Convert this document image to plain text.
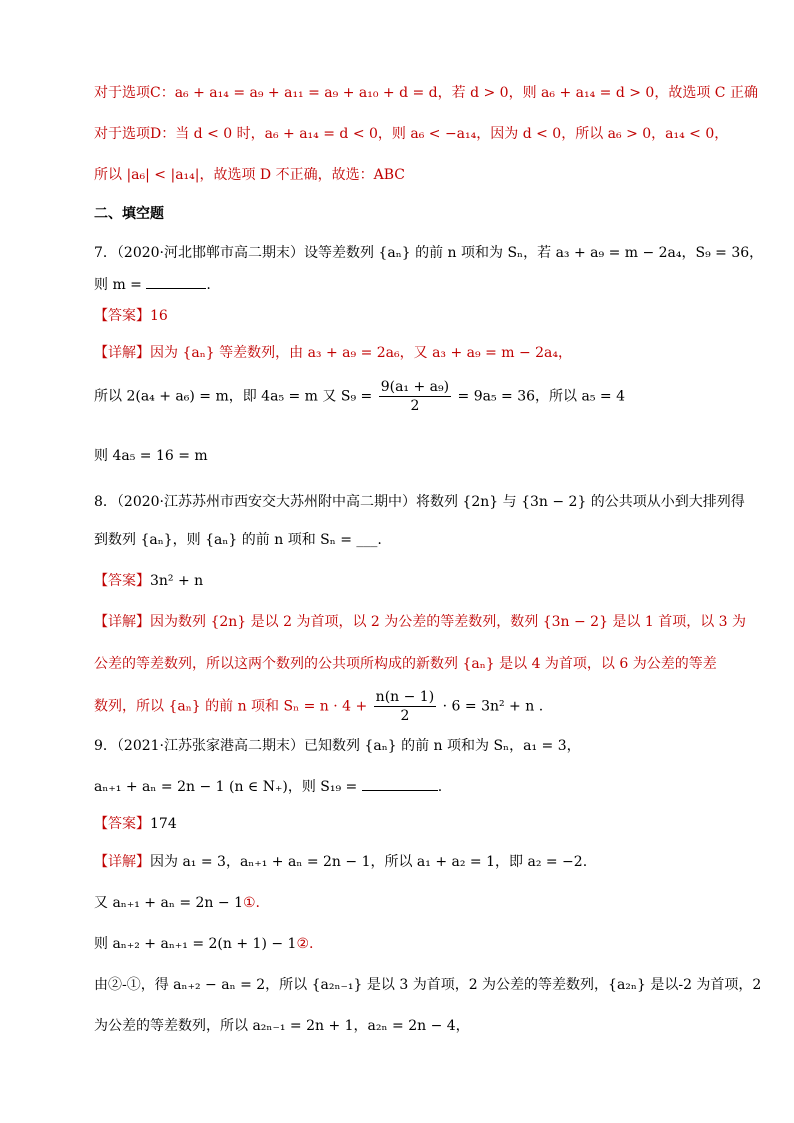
对于选项C：a₆ + a₁₄ = a₉ + a₁₁ = a₉ + a₁₀ + d = d，若 d > 0，则 a₆ + a₁₄ = d > 0，故选项 C 正确
对于选项D：当 d < 0 时，a₆ + a₁₄ = d < 0，则 a₆ < −a₁₄，因为 d < 0，所以 a₆ > 0，a₁₄ < 0，
所以 |a₆| < |a₁₄|，故选项 D 不正确，故选：ABC
二、填空题
7．（2020·河北邯郸市高二期末）设等差数列 {aₙ} 的前 n 项和为 Sₙ，若 a₃ + a₉ = m − 2a₄，S₉ = 36，
则 m =	.
【答案】16
【详解】因为 {aₙ} 等差数列，由 a₃ + a₉ = 2a₆，又 a₃ + a₉ = m − 2a₄，
所以 2(a₄ + a₆) = m，即 4a₅ = m 又 $S_9 = \frac{\text{9(a₁ + a₉)}}{2} = 9a_5 = 36$，所以 a₅ = 4
则 4a₅ = 16 = m
8．（2020·江苏苏州市西安交大苏州附中高二期中）将数列 {2n} 与 {3n − 2} 的公共项从小到大排列得
到数列 {aₙ}，则 {aₙ} 的前 n 项和 Sₙ = ___.
【答案】3n² + n
【详解】因为数列 {2n} 是以 2 为首项，以 2 为公差的等差数列，数列 {3n − 2} 是以 1 首项，以 3 为
公差的等差数列，所以这两个数列的公共项所构成的新数列 {aₙ} 是以 4 为首项，以 6 为公差的等差
数列，所以 {aₙ} 的前 n 项和 $S_n = n \cdot 4 + \frac{n(n - 1)}{2} \cdot 6 = 3n^2 + n$ .
9．（2021·江苏张家港高二期末）已知数列 {aₙ} 的前 n 项和为 Sₙ，a₁ = 3，
aₙ₊₁ + aₙ = 2n − 1 (n ∈ N₊)，则 S₁₉ =	.
【答案】174
【详解】因为 a₁ = 3，aₙ₊₁ + aₙ = 2n − 1，所以 a₁ + a₂ = 1，即 a₂ = −2.
又 aₙ₊₁ + aₙ = 2n − 1①.
则 aₙ₊₂ + aₙ₊₁ = 2(n + 1) − 1②.
由②-①，得 aₙ₊₂ − aₙ = 2，所以 {a₂ₙ₋₁} 是以 3 为首项，2 为公差的等差数列，{a₂ₙ} 是以-2 为首项，2
为公差的等差数列，所以 a₂ₙ₋₁ = 2n + 1，a₂ₙ = 2n − 4，
